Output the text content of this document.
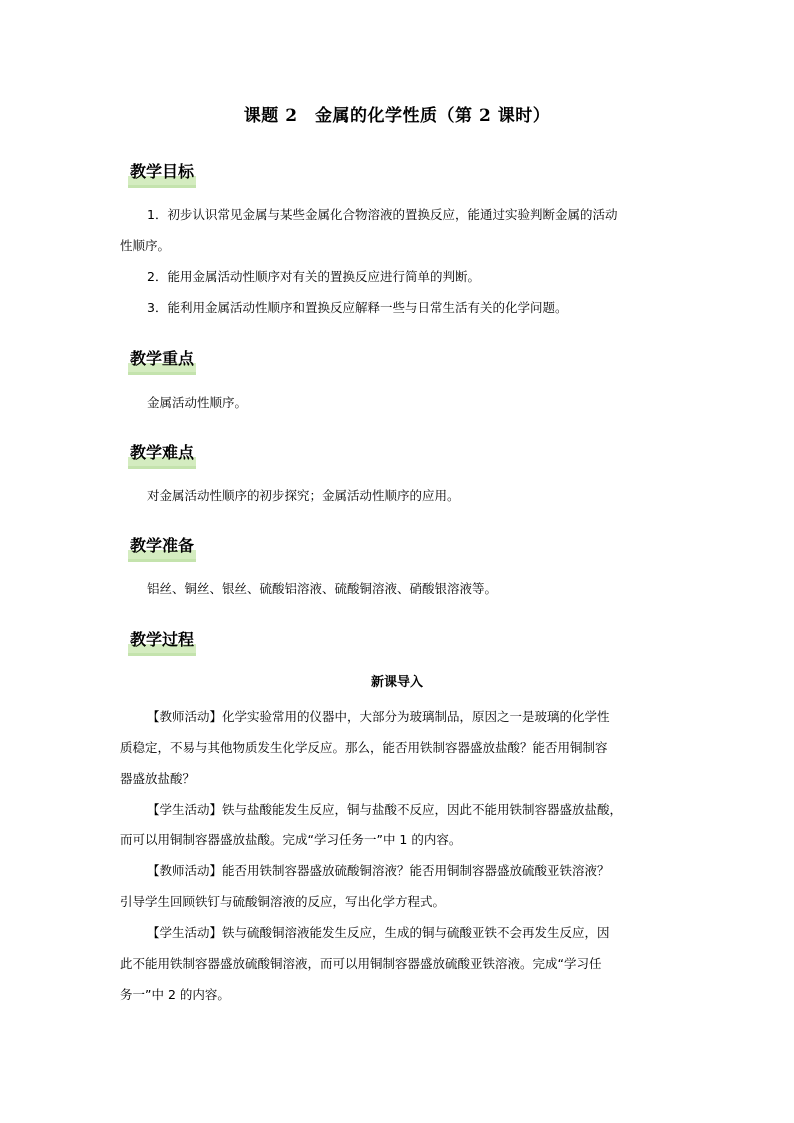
课题 2　金属的化学性质（第 2 课时）
教学目标
1．初步认识常见金属与某些金属化合物溶液的置换反应，能通过实验判断金属的活动
性顺序。
2．能用金属活动性顺序对有关的置换反应进行简单的判断。
3．能利用金属活动性顺序和置换反应解释一些与日常生活有关的化学问题。
教学重点
金属活动性顺序。
教学难点
对金属活动性顺序的初步探究；金属活动性顺序的应用。
教学准备
铝丝、铜丝、银丝、硫酸铝溶液、硫酸铜溶液、硝酸银溶液等。
教学过程
新课导入
【教师活动】化学实验常用的仪器中，大部分为玻璃制品，原因之一是玻璃的化学性
质稳定，不易与其他物质发生化学反应。那么，能否用铁制容器盛放盐酸？能否用铜制容
器盛放盐酸？
【学生活动】铁与盐酸能发生反应，铜与盐酸不反应，因此不能用铁制容器盛放盐酸，
而可以用铜制容器盛放盐酸。完成“学习任务一”中 1 的内容。
【教师活动】能否用铁制容器盛放硫酸铜溶液？能否用铜制容器盛放硫酸亚铁溶液？
引导学生回顾铁钉与硫酸铜溶液的反应，写出化学方程式。
【学生活动】铁与硫酸铜溶液能发生反应，生成的铜与硫酸亚铁不会再发生反应，因
此不能用铁制容器盛放硫酸铜溶液，而可以用铜制容器盛放硫酸亚铁溶液。完成“学习任
务一”中 2 的内容。
